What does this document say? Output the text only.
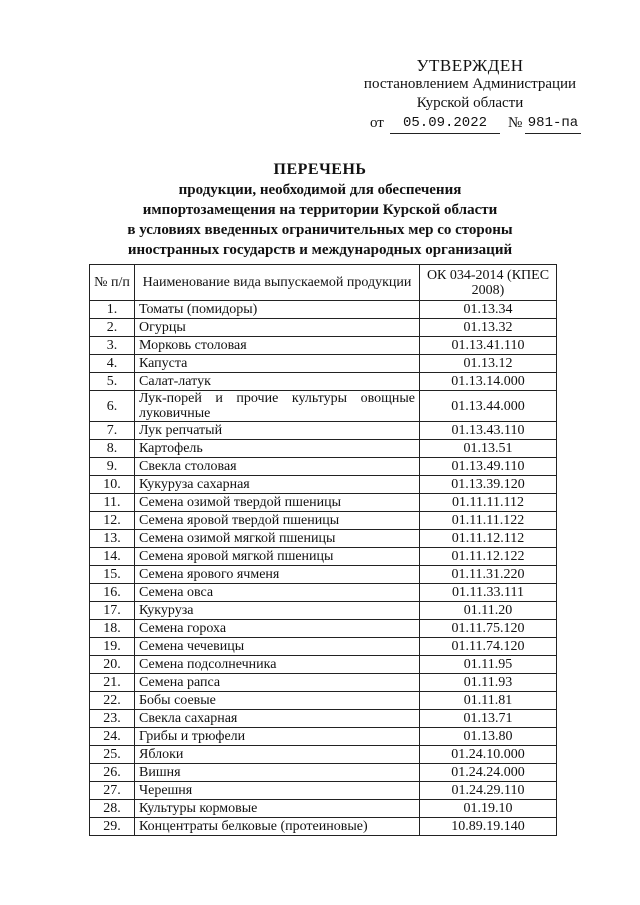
УТВЕРЖДЕН
постановлением Администрации
Курской области
от	05.09.2022	№ 981-па
ПЕРЕЧЕНЬ
продукции, необходимой для обеспечения
импортозамещения на территории Курской области
в условиях введенных ограничительных мер со стороны
иностранных государств и международных организаций
№ п/п	Наименование вида выпускаемой продукции	ОК 034-2014 (КПЕС 2008)
1.	Томаты (помидоры)	01.13.34
2.	Огурцы	01.13.32
3.	Морковь столовая	01.13.41.110
4.	Капуста	01.13.12
5.	Салат-латук	01.13.14.000
6.	Лук-порей и прочие культуры овощные луковичные	01.13.44.000
7.	Лук репчатый	01.13.43.110
8.	Картофель	01.13.51
9.	Свекла столовая	01.13.49.110
10.	Кукуруза сахарная	01.13.39.120
11.	Семена озимой твердой пшеницы	01.11.11.112
12.	Семена яровой твердой пшеницы	01.11.11.122
13.	Семена озимой мягкой пшеницы	01.11.12.112
14.	Семена яровой мягкой пшеницы	01.11.12.122
15.	Семена ярового ячменя	01.11.31.220
16.	Семена овса	01.11.33.111
17.	Кукуруза	01.11.20
18.	Семена гороха	01.11.75.120
19.	Семена чечевицы	01.11.74.120
20.	Семена подсолнечника	01.11.95
21.	Семена рапса	01.11.93
22.	Бобы соевые	01.11.81
23.	Свекла сахарная	01.13.71
24.	Грибы и трюфели	01.13.80
25.	Яблоки	01.24.10.000
26.	Вишня	01.24.24.000
27.	Черешня	01.24.29.110
28.	Культуры кормовые	01.19.10
29.	Концентраты белковые (протеиновые)	10.89.19.140
